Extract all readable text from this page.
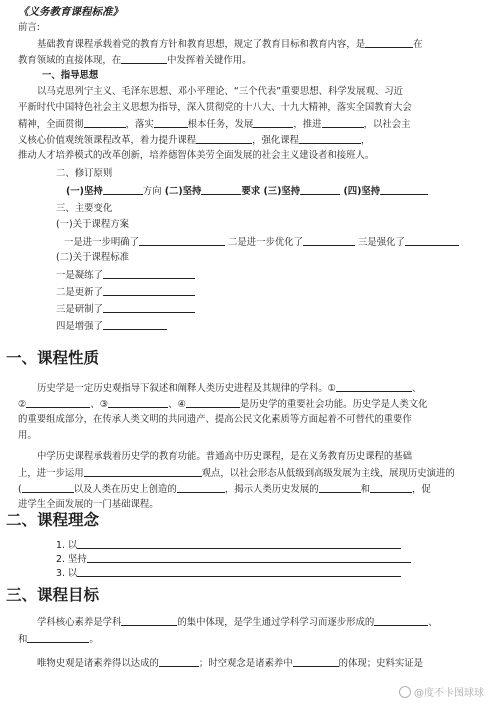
《义务教育课程标准》
前言:
基础教育课程承载着党的教育方针和教育思想，规定了教育目标和教育内容，是	在
教育领域的直接体现，在	中发挥着关键作用。
一、指导思想
以马克思列宁主义、毛泽东思想、邓小平理论、“三个代表”重要思想、科学发展观、习近
平新时代中国特色社会主义思想为指导，深入贯彻党的十八大、十九大精神，落实全国教育大会
精神，全面贯彻	，落实	根本任务，发展	，推进	，以社会主
义核心价值观统领课程改革，着力提升课程	，强化课程	，
推动人才培养模式的改革创新，培养德智体美劳全面发展的社会主义建设者和接班人。
二、修订原则
(一)坚持	方向 (二)坚持	要求 (三)坚持	(四)坚持
三、主要变化
(一)关于课程方案
一是进一步明确了	二是进一步优化了	三是强化了
(二)关于课程标准
一是凝练了
二是更新了
三是研制了
四是增强了
一、课程性质
历史学是一定历史观指导下叙述和阐释人类历史进程及其规律的学科。①	、
②	、③	、④	是历史学的重要社会功能。历史学是人类文化
的重要组成部分，在传承人类文明的共同遗产、提高公民文化素质等方面起着不可替代的重要作
用。
中学历史课程承载着历史学的教育功能。普通高中历史课程，是在义务教育历史课程的基础
上，进一步运用	观点，以社会形态从低级到高级发展为主线，展现历史演进的
(	以及人类在历史上创造的	，揭示人类历史发展的	和	，促
进学生全面发展的一门基础课程。
二、课程理念
1. 以
2. 坚持
3. 以
三、课程目标
学科核心素养是学科	的集中体现，是学生通过学科学习而逐步形成的	、
和	。
唯物史观是诸素养得以达成的	；时空观念是诸素养中	的体现；史料实证是
@度不卡图球球
